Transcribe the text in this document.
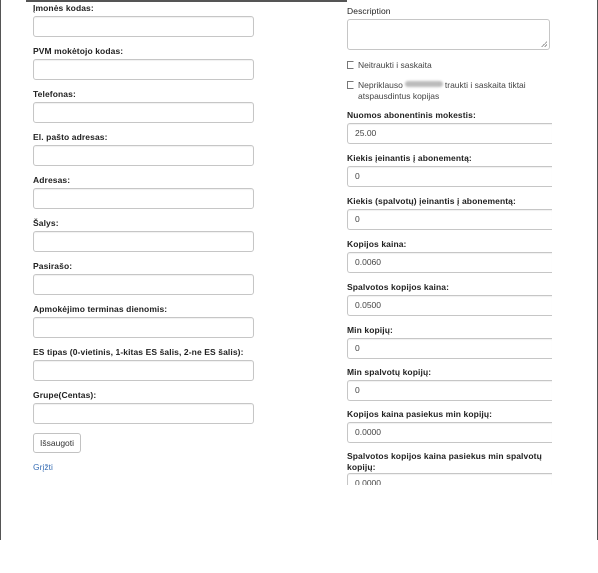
Įmonės kodas:
PVM mokėtojo kodas:
Telefonas:
El. pašto adresas:
Adresas:
Šalys:
Pasirašo:
Apmokėjimo terminas dienomis:
ES tipas (0-vietinis, 1-kitas ES šalis, 2-ne ES šalis):
Grupe(Centas):
Išsaugoti
Grįžti
Description
Neitraukti i saskaita
Nepriklauso	traukti i saskaita tiktai
atspausdintus kopijas
Nuomos abonentinis mokestis:
25.00
Kiekis įeinantis į abonementą:
0
Kiekis (spalvotų) įeinantis į abonementą:
0
Kopijos kaina:
0.0060
Spalvotos kopijos kaina:
0.0500
Min kopijų:
0
Min spalvotų kopijų:
0
Kopijos kaina pasiekus min kopijų:
0.0000
Spalvotos kopijos kaina pasiekus min spalvotų
kopijų:
0.0000
